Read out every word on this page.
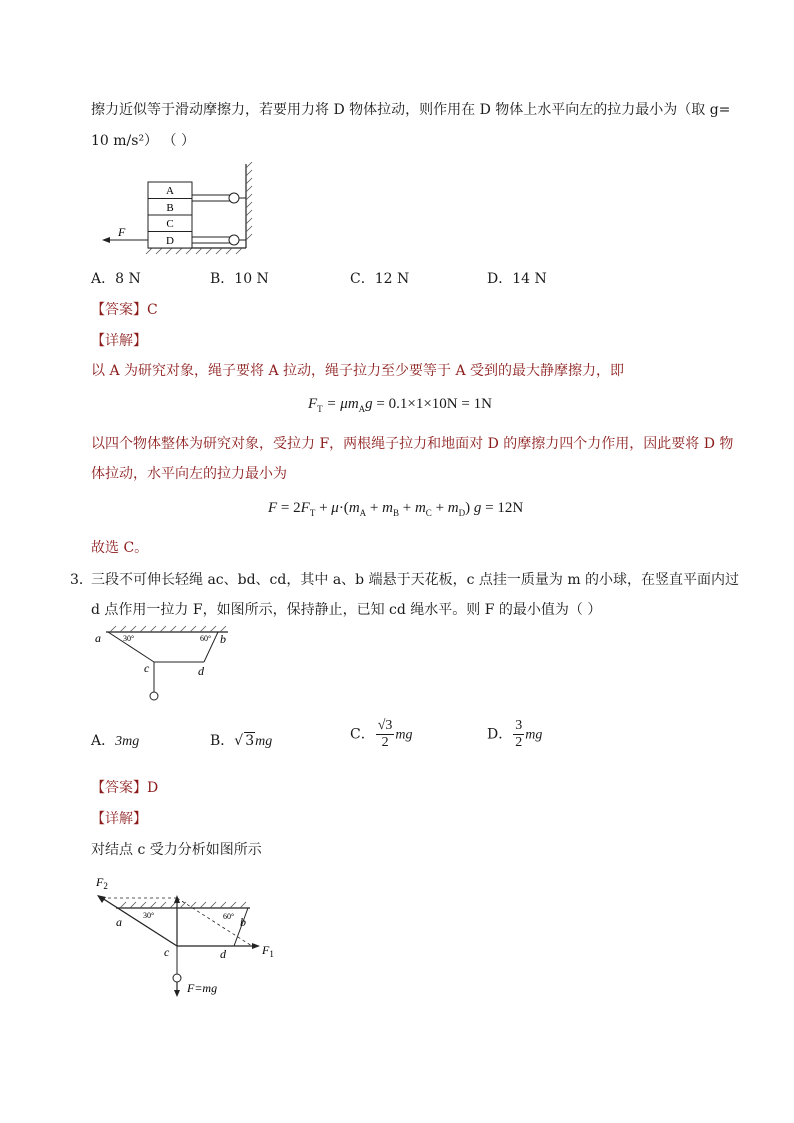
擦力近似等于滑动摩擦力，若要用力将 D 物体拉动，则作用在 D 物体上水平向左的拉力最小为（取 g=
10 m/s²） （ ）
A
B
C
D
F
A．8 N	B．10 N	C．12 N	D．14 N
【答案】C
【详解】
以 A 为研究对象，绳子要将 A 拉动，绳子拉力至少要等于 A 受到的最大静摩擦力，即
$F_T = \mu m_Ag = 0.1\times 1\times 10N = 1N$
以四个物体整体为研究对象，受拉力 F，两根绳子拉力和地面对 D 的摩擦力四个力作用，因此要将 D 物
体拉动，水平向左的拉力最小为
$F = 2F_T + \mu\cdot(m_A + m_B + m_C + m_D) g = 12N$
故选 C。
3．
三段不可伸长轻绳 ac、bd、cd，其中 a、b 端悬于天花板，c 点挂一质量为 m 的小球，在竖直平面内过
d 点作用一拉力 F，如图所示，保持静止，已知 cd 绳水平。则 F 的最小值为（ ）
a	b
c	d
30°	60°
A．3mg	B．√ 3mg	C． $\frac{√3}{2}$ mg	D． $\frac{3}{2}$ mg
【答案】D
【详解】
对结点 c 受力分析如图所示
$F_2$
$F_1$
a	b
c	d
30°	60°
F=mg
